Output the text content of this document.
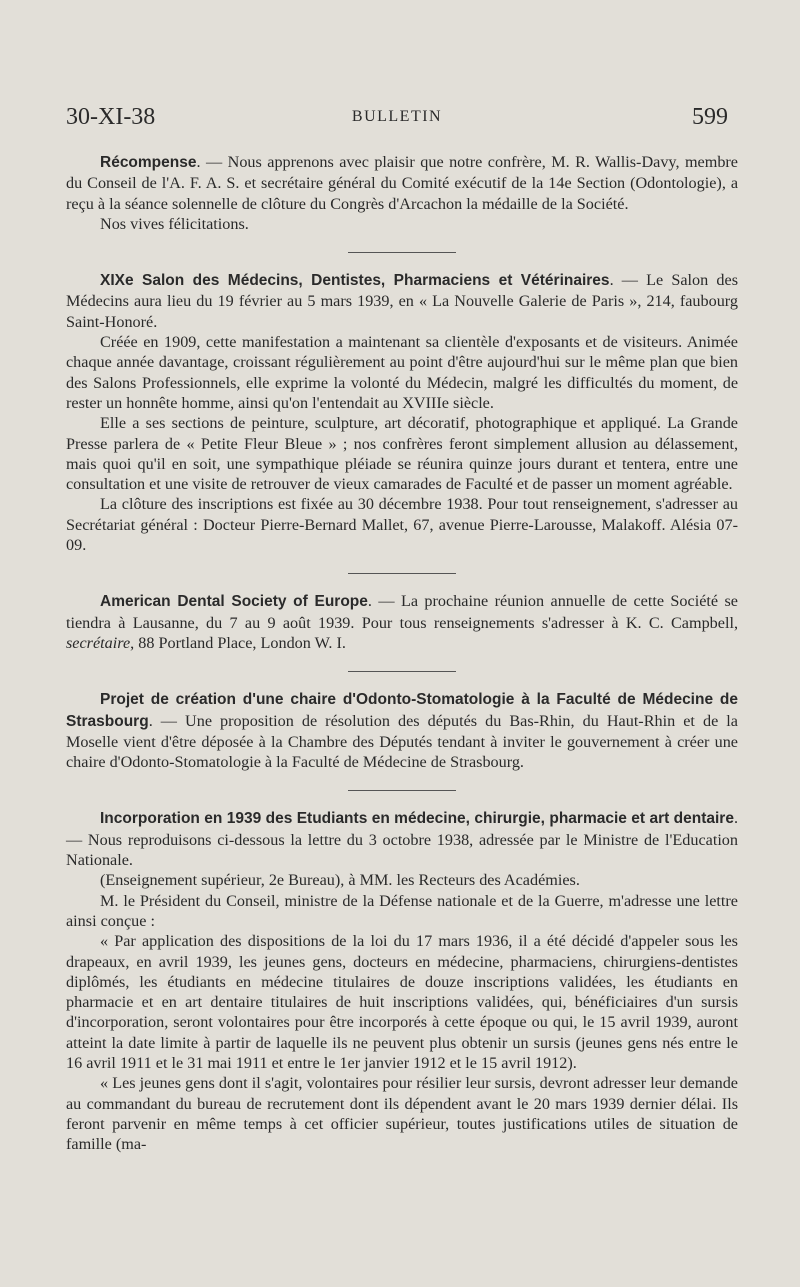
30-XI-38	BULLETIN	599

Récompense. — Nous apprenons avec plaisir que notre confrère, M. R. Wallis-Davy, membre du Conseil de l'A. F. A. S. et secrétaire général du Comité exécutif de la 14e Section (Odontologie), a reçu à la séance solennelle de clôture du Congrès d'Arcachon la médaille de la Société.

Nos vives félicitations.

XIXe Salon des Médecins, Dentistes, Pharmaciens et Vétérinaires. — Le Salon des Médecins aura lieu du 19 février au 5 mars 1939, en « La Nouvelle Galerie de Paris », 214, faubourg Saint-Honoré.

Créée en 1909, cette manifestation a maintenant sa clientèle d'exposants et de visiteurs. Animée chaque année davantage, croissant régulièrement au point d'être aujourd'hui sur le même plan que bien des Salons Professionnels, elle exprime la volonté du Médecin, malgré les difficultés du moment, de rester un honnête homme, ainsi qu'on l'entendait au XVIIIe siècle.

Elle a ses sections de peinture, sculpture, art décoratif, photographique et appliqué. La Grande Presse parlera de « Petite Fleur Bleue » ; nos confrères feront simplement allusion au délassement, mais quoi qu'il en soit, une sympathique pléiade se réunira quinze jours durant et tentera, entre une consultation et une visite de retrouver de vieux camarades de Faculté et de passer un moment agréable.

La clôture des inscriptions est fixée au 30 décembre 1938. Pour tout renseignement, s'adresser au Secrétariat général : Docteur Pierre-Bernard Mallet, 67, avenue Pierre-Larousse, Malakoff. Alésia 07-09.

American Dental Society of Europe. — La prochaine réunion annuelle de cette Société se tiendra à Lausanne, du 7 au 9 août 1939. Pour tous renseignements s'adresser à K. C. Campbell, secrétaire, 88 Portland Place, London W. I.

Projet de création d'une chaire d'Odonto-Stomatologie à la Faculté de Médecine de Strasbourg. — Une proposition de résolution des députés du Bas-Rhin, du Haut-Rhin et de la Moselle vient d'être déposée à la Chambre des Députés tendant à inviter le gouvernement à créer une chaire d'Odonto-Stomatologie à la Faculté de Médecine de Strasbourg.

Incorporation en 1939 des Etudiants en médecine, chirurgie, pharmacie et art dentaire. — Nous reproduisons ci-dessous la lettre du 3 octobre 1938, adressée par le Ministre de l'Education Nationale.

(Enseignement supérieur, 2e Bureau), à MM. les Recteurs des Académies.

M. le Président du Conseil, ministre de la Défense nationale et de la Guerre, m'adresse une lettre ainsi conçue :

« Par application des dispositions de la loi du 17 mars 1936, il a été décidé d'appeler sous les drapeaux, en avril 1939, les jeunes gens, docteurs en médecine, pharmaciens, chirurgiens-dentistes diplômés, les étudiants en médecine titulaires de douze inscriptions validées, les étudiants en pharmacie et en art dentaire titulaires de huit inscriptions validées, qui, bénéficiaires d'un sursis d'incorporation, seront volontaires pour être incorporés à cette époque ou qui, le 15 avril 1939, auront atteint la date limite à partir de laquelle ils ne peuvent plus obtenir un sursis (jeunes gens nés entre le 16 avril 1911 et le 31 mai 1911 et entre le 1er janvier 1912 et le 15 avril 1912).

« Les jeunes gens dont il s'agit, volontaires pour résilier leur sursis, devront adresser leur demande au commandant du bureau de recrutement dont ils dépendent avant le 20 mars 1939 dernier délai. Ils feront parvenir en même temps à cet officier supérieur, toutes justifications utiles de situation de famille (ma-
